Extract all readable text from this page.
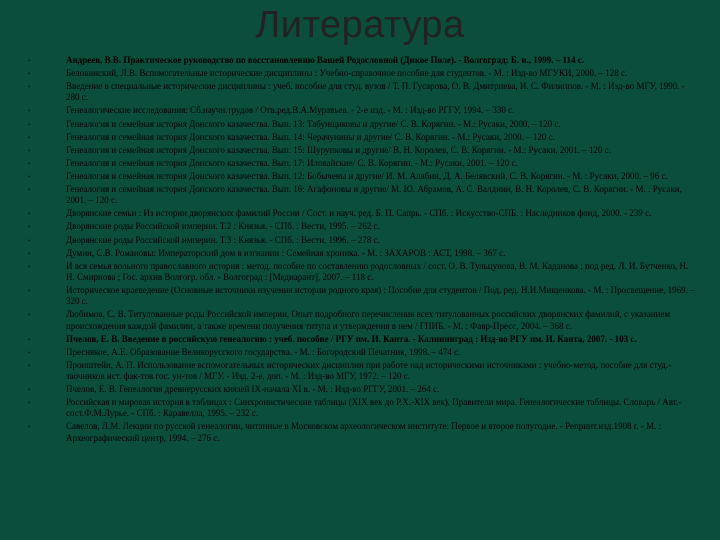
Литература
•	Андреев, В.В. Практическое руководство по восстановлению Вашей Родословной (Дикое Поле). - Волгоград: Б. и., 1999. – 114 с.
•	Беловинский, Л.В. Вспомогательные исторические дисциплины : Учебно-справочное пособие для студентов. - М. : Изд-во МГУКИ, 2000. – 128 с.
•	Введение в специальные исторические дисциплины : учеб. пособие для студ. вузов / Т. П. Гусарова, О. В. Дмитриева, И. С. Филиппов. - М. : Изд-во МГУ, 1990. - 280 с.
•	Генеалогические исследования: Сб.научн.трудов / Отв.ред.В.А.Муравьев. - 2-е изд. - М. : Изд-во РГГУ, 1994. – 330 с.
•	Генеалогия и семейная история Донского казачества. Вып. 13: Табунщиковы и другие/ С. В. Корягин. - М.: Русаки, 2000. – 120 с.
•	Генеалогия и семейная история Донского казачества. Вып. 14: Черачунины и другие/ С. В. Корягин. - М.: Русаки, 2000. – 120 с.
•	Генеалогия и семейная история Донского казачества. Вып. 15: Шурупковы и другие/ В. Н. Королев, С. В. Корягин. - М.: Русаки, 2001. – 120 с.
•	Генеалогия и семейная история Донского казачества. Вып. 17: Иловайские/ С. В. Корягин. - М.: Русаки, 2001. – 120 с.
•	Генеалогия и семейная история Донского казачества. Вып. 12: Бобычевы и другие/ И. М. Алябин, Д. А. Белявский, С. В. Корягин. - М. : Русаки, 2000. – 96 с.
•	Генеалогия и семейная история Донского казачества. Вып. 16: Агафоновы и другие/ М. Ю. Абрамов, А. С. Валдиин, В. Н. Королев, С. В. Корягин. - М. : Русаки, 2001. – 120 с.
•	Дворянские семьи : Из истории дворянских фамилий России / Сост. и науч. ред. Б. П. Сапрь. - СПб. : Искусство-СПБ. : Наследников фонд, 2000. - 239 с.
•	Дворянские роды Российской империи. Т.2 : Князья. - СПб. : Вести, 1995. – 262 с.
•	Дворянские роды Российской империи. Т.3 : Князья. - СПб. : Вести, 1996. – 278 с.
•	Думин, С.В. Романовы: Императорский дом в изгнании : Семейная хроника. - М. : ЗАХАРОВ : АСТ, 1998. – 367 с.
•	И вся семья вольного православного история : метод. пособие по составлению родословных / сост. О. В. Тульцунова, В. М. Каданова ; под ред. Л. И. Бутченко, Н. Н. Смирнова ; Гос. архив Волгогр. обл. - Волгоград : [Медиарант], 2007. – 118 с.
•	Историческое краеведение (Основные источники изучения истории родного края) : Пособие для студентов / Под. ред. Н.И.Мищенкова. - М. : Просвещение, 1969. – 320 с.
•	Любимов, С. В. Титулованные роды Российской империи. Опыт подробного перечисления всех титулованных российских дворянских фамилий, с указанием происхождения каждой фамилии, а также времени получения титула и утверждения в нем / ГПИБ. - М. : Фавр-Пресс, 2004. – 368 с.
•	Пчелов, Е. В. Введение в российскую генеалогию : учеб. пособие / РГУ им. И. Канта. - Калининград : Изд-во РГУ им. И. Канта, 2007. - 103 с.
•	Преснякое, А.Е. Образование Великорусского государства. - М. : Богородский Печатник, 1998. – 474 с.
•	Пронштейн, А. П. Использование вспомогательных исторических дисциплин при работе над историческими источниками : учебно-метод. пособие для студ.-заочников ист. фак-тов гос. ун-тов / МГУ. - Изд. 2-е, доп. - М. : Изд-во МГУ, 1972. – 120 с.
•	Пчелов, Е. В. Генеалогия древнерусских князей IX-начала XI в. - М. : Изд-во РГГУ, 2001. – 264 с.
•	Российская и мировая история в таблицах : Синхронистические таблицы (XIX век до Р.Х.-XIX век). Правители мира. Генеалогические таблицы. Словарь / Авт.-сост.Ф.М.Лурье. - СПб. : Каравелла, 1995. – 232 с.
•	Савелов, Л.М. Лекции по русской генеалогии, читанные в Московском археологическом институте: Первое и второе полугодие. - Репринт.изд.1908 г. - М. : Археографический центр, 1994. – 276 с.
